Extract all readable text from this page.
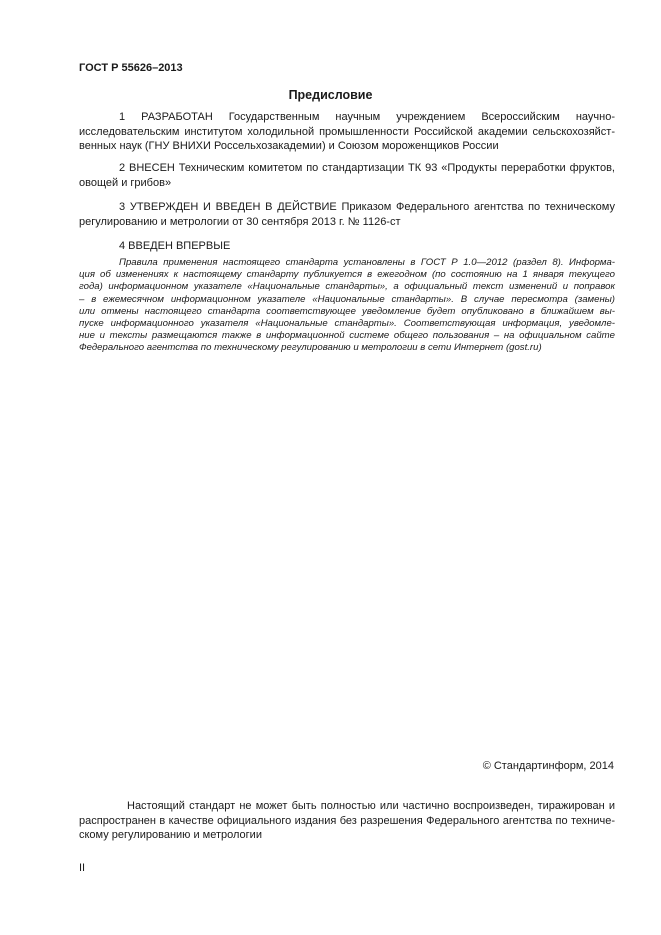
ГОСТ Р 55626–2013
Предисловие
1 РАЗРАБОТАН Государственным научным учреждением Всероссийским научно-
исследовательским институтом холодильной промышленности Российской академии сельскохозяйст-
венных наук (ГНУ ВНИХИ Россельхозакадемии) и Союзом мороженщиков России
2 ВНЕСЕН Техническим комитетом по стандартизации ТК 93 «Продукты переработки фруктов,
овощей и грибов»
3 УТВЕРЖДЕН И ВВЕДЕН В ДЕЙСТВИЕ Приказом Федерального агентства по техническому
регулированию и метрологии от 30 сентября 2013 г. № 1126-ст
4 ВВЕДЕН ВПЕРВЫЕ
Правила применения настоящего стандарта установлены в ГОСТ Р 1.0—2012 (раздел 8). Информа-
ция об изменениях к настоящему стандарту публикуется в ежегодном (по состоянию на 1 января текущего
года) информационном указателе «Национальные стандарты», а официальный текст изменений и поправок
– в ежемесячном информационном указателе «Национальные стандарты». В случае пересмотра (замены)
или отмены настоящего стандарта соответствующее уведомление будет опубликовано в ближайшем вы-
пуске информационного указателя «Национальные стандарты». Соответствующая информация, уведомле-
ние и тексты размещаются также в информационной системе общего пользования – на официальном сайте
Федерального агентства по техническому регулированию и метрологии в сети Интернет (gost.ru)
© Стандартинформ, 2014
Настоящий стандарт не может быть полностью или частично воспроизведен, тиражирован и
распространен в качестве официального издания без разрешения Федерального агентства по техниче-
скому регулированию и метрологии
II
